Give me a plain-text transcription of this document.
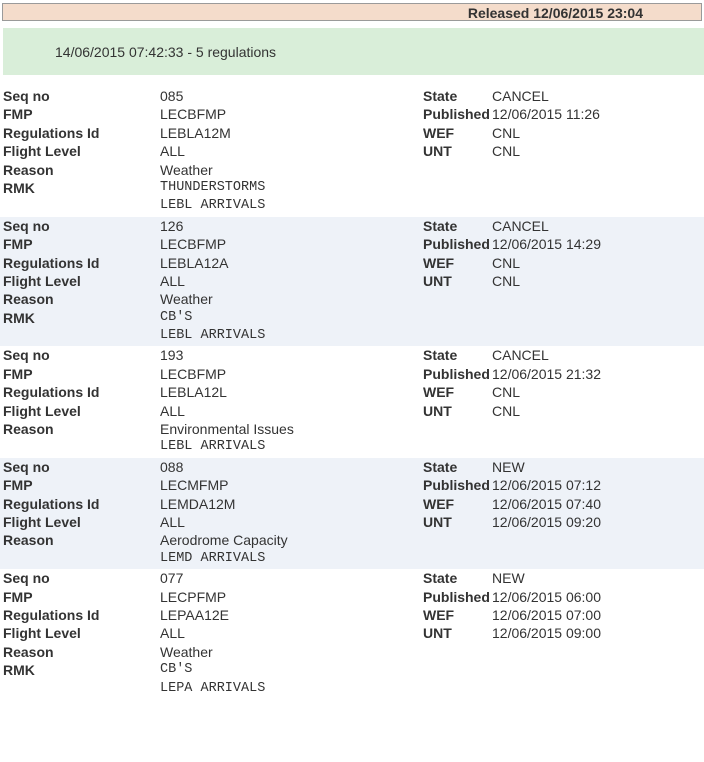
Released 12/06/2015 23:04
14/06/2015 07:42:33 - 5 regulations
Seq no	085	State CANCEL
FMP	LECBFMP	Published 12/06/2015 11:26
Regulations Id	LEBLA12M	WEF	CNL
Flight Level	ALL	UNT	CNL
Reason	Weather
RMK	THUNDERSTORMS
LEBL ARRIVALS
Seq no	126	State CANCEL
FMP	LECBFMP	Published 12/06/2015 14:29
Regulations Id	LEBLA12A	WEF	CNL
Flight Level	ALL	UNT	CNL
Reason	Weather
RMK	CB'S
LEBL ARRIVALS
Seq no	193	State CANCEL
FMP	LECBFMP	Published 12/06/2015 21:32
Regulations Id	LEBLA12L	WEF	CNL
Flight Level	ALL	UNT	CNL
Reason	Environmental Issues
LEBL ARRIVALS
Seq no	088	State NEW
FMP	LECMFMP	Published 12/06/2015 07:12
Regulations Id	LEMDA12M	WEF	12/06/2015 07:40
Flight Level	ALL	UNT	12/06/2015 09:20
Reason	Aerodrome Capacity
LEMD ARRIVALS
Seq no	077	State NEW
FMP	LECPFMP	Published 12/06/2015 06:00
Regulations Id	LEPAA12E	WEF	12/06/2015 07:00
Flight Level	ALL	UNT	12/06/2015 09:00
Reason	Weather
RMK	CB'S
LEPA ARRIVALS
